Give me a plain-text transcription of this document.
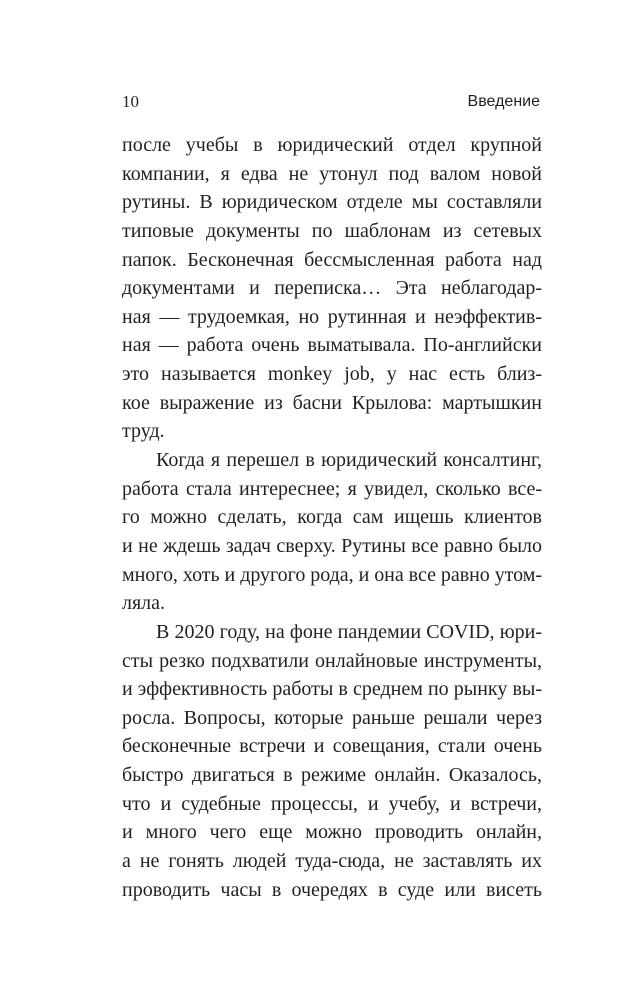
10	Введение
после учебы в юридический отдел крупной
компании, я едва не утонул под валом новой
рутины. В юридическом отделе мы составляли
типовые документы по шаблонам из сетевых
папок. Бесконечная бессмысленная работа над
документами и переписка… Эта неблагодар-
ная — трудоемкая, но рутинная и неэффектив-
ная — работа очень выматывала. По-английски
это называется monkey job, у нас есть близ-
кое выражение из басни Крылова: мартышкин
труд.
Когда я перешел в юридический консалтинг,
работа стала интереснее; я увидел, сколько все-
го можно сделать, когда сам ищешь клиентов
и не ждешь задач сверху. Рутины все равно было
много, хоть и другого рода, и она все равно утом-
ляла.
В 2020 году, на фоне пандемии COVID, юри-
сты резко подхватили онлайновые инструменты,
и эффективность работы в среднем по рынку вы-
росла. Вопросы, которые раньше решали через
бесконечные встречи и совещания, стали очень
быстро двигаться в режиме онлайн. Оказалось,
что и судебные процессы, и учебу, и встречи,
и много чего еще можно проводить онлайн,
а не гонять людей туда-сюда, не заставлять их
проводить часы в очередях в суде или висеть
